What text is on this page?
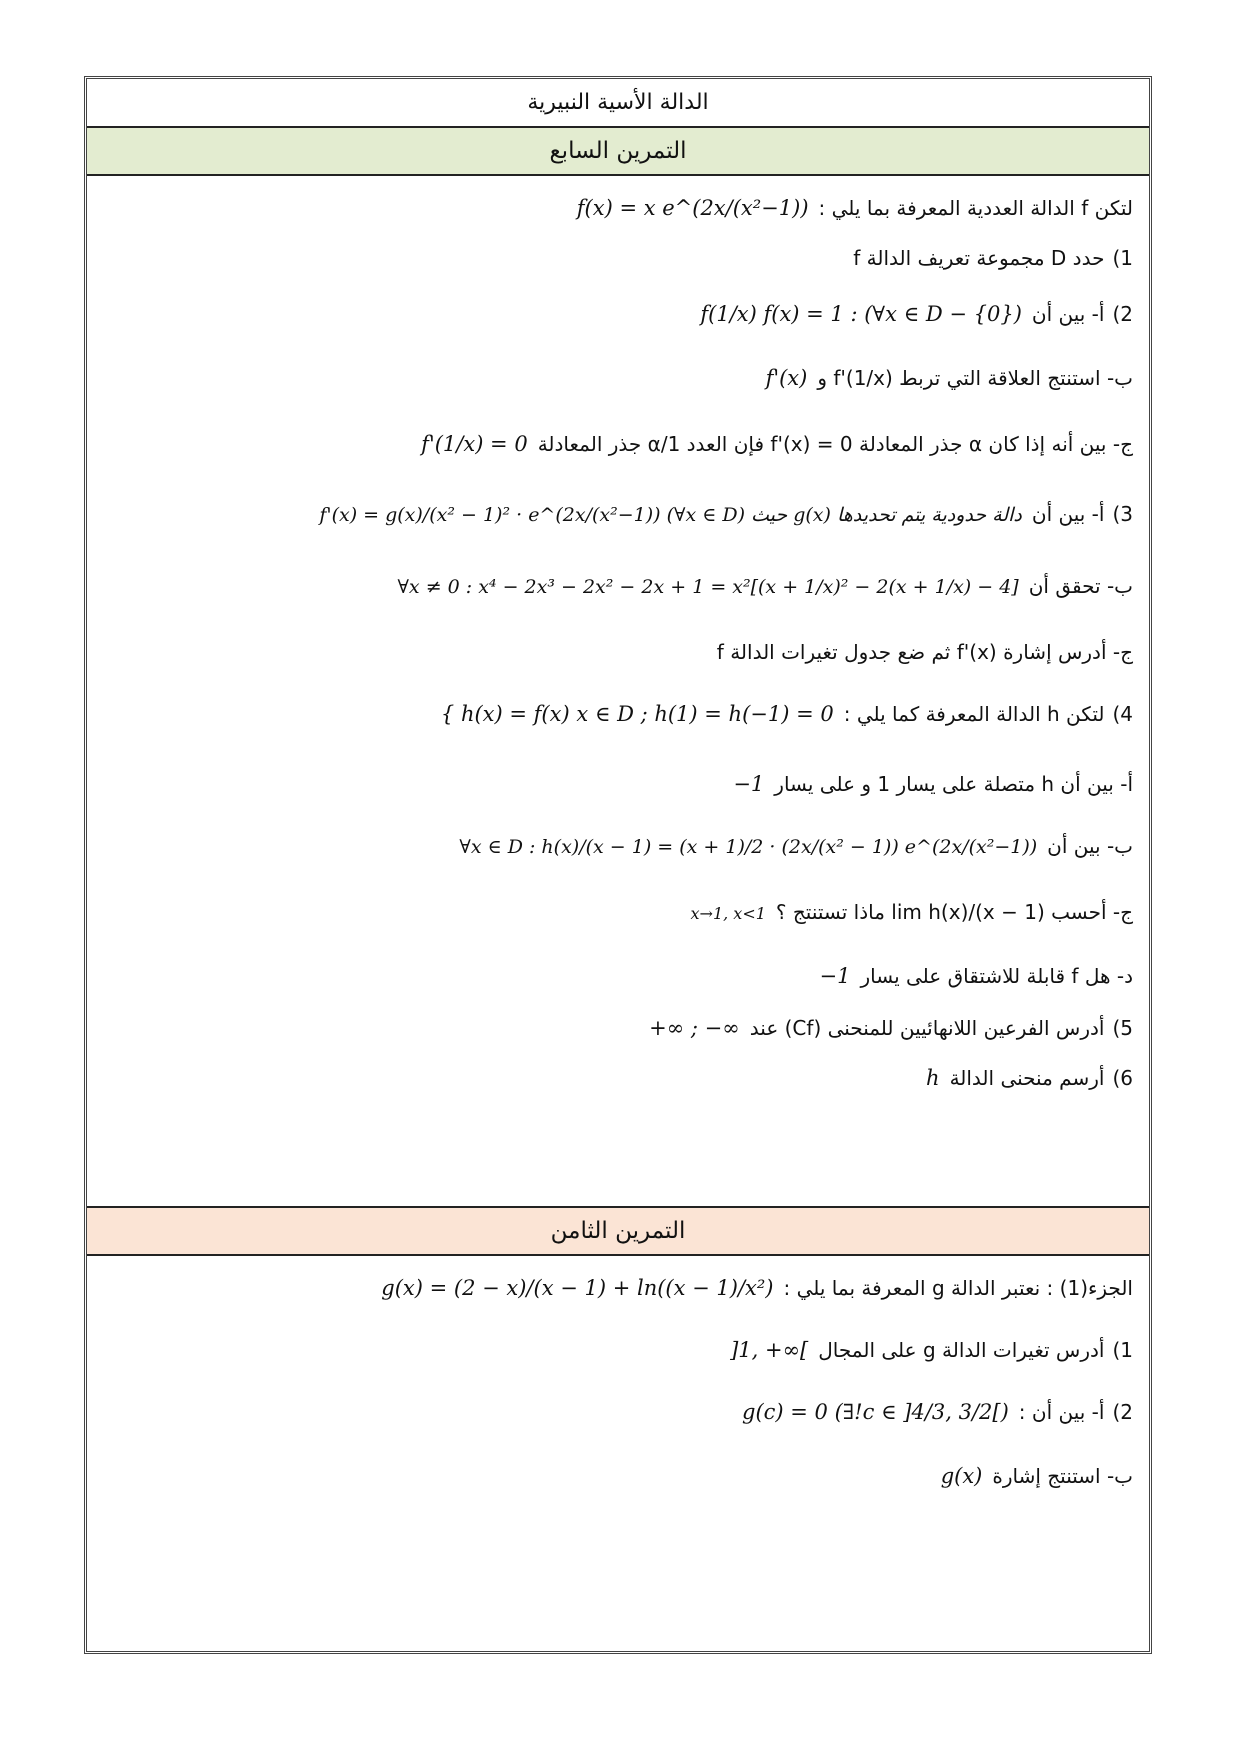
الدالة الأسية النبيرية
التمرين السابع
لتكن f الدالة العددية المعرفة بما يلي :f(x) = x e^(2x/(x²−1))
1)حدد D مجموعة تعريف الدالة f
2)أ- بين أنf(1/x) f(x) = 1 : (∀x ∈ D − {0})
ب- استنتج العلاقة التي تربط f'(1/x) وf'(x)
ج- بين أنه إذا كان α جذر المعادلة f'(x) = 0 فإن العدد 1/α جذر المعادلةf'(1/x) = 0
3)أ- بين أنf'(x) = g(x)/(x² − 1)² · e^(2x/(x²−1)) (∀x ∈ D) حيث g(x) دالة حدودية يتم تحديدها
ب- تحقق أن∀x ≠ 0 : x⁴ − 2x³ − 2x² − 2x + 1 = x²[(x + 1/x)² − 2(x + 1/x) − 4]
ج- أدرس إشارة f'(x) ثم ضع جدول تغيرات الدالة f
4)لتكن h الدالة المعرفة كما يلي :{ h(x) = f(x) x ∈ D ; h(1) = h(−1) = 0
أ- بين أن h متصلة على يسار 1 و على يسار−1
ب- بين أن∀x ∈ D : h(x)/(x − 1) = (x + 1)/2 · (2x/(x² − 1)) e^(2x/(x²−1))
ج- أحسب lim h(x)/(x − 1) ماذا تستنتج ؟x→1, x<1
د- هل f قابلة للاشتقاق على يسار−1
5)أدرس الفرعين اللانهائيين للمنحنى (Cf) عند+∞ ; −∞
6)أرسم منحنى الدالةh
التمرين الثامن
الجزء(1) : نعتبر الدالة g المعرفة بما يلي :g(x) = (2 − x)/(x − 1) + ln((x − 1)/x²)
1)أدرس تغيرات الدالة g على المجال]1, +∞[
2)أ- بين أن :g(c) = 0 (∃!c ∈ ]4/3, 3/2[)
ب- استنتج إشارةg(x)
